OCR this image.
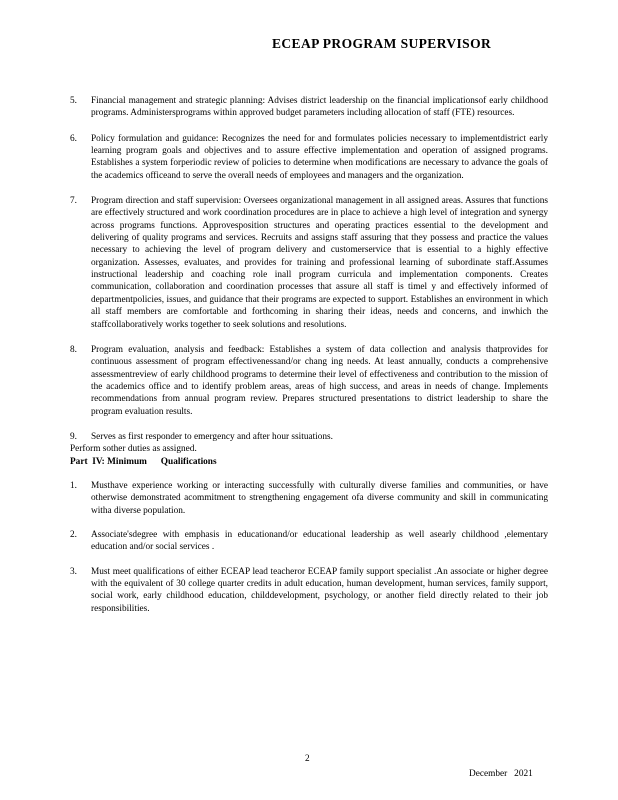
ECEAP PROGRAM SUPERVISOR
5.	Financial management and strategic planning: Advises district leadership on the financial implicationsof early childhood programs. Administersprograms within approved budget parameters including allocation of staff (FTE) resources.
6.	Policy formulation and guidance: Recognizes the need for and formulates policies necessary to implementdistrict early learning program goals and objectives and to assure effective implementation and operation of assigned programs. Establishes a system forperiodic review of policies to determine when modifications are necessary to advance the goals of the academics officeand to serve the overall needs of employees and managers and the organization.
7.	Program direction and staff supervision: Oversees organizational management in all assigned areas. Assures that functions are effectively structured and work coordination procedures are in place to achieve a high level of integration and synergy across programs functions. Approvesposition structures and operating practices essential to the development and delivering of quality programs and services. Recruits and assigns staff assuring that they possess and practice the values necessary to achieving the level of program delivery and customerservice that is essential to a highly effective organization. Assesses, evaluates, and provides for training and professional learning of subordinate staff.Assumes instructional leadership and coaching role inall program curricula and implementation components. Creates communication, collaboration and coordination processes that assure all staff is timel y and effectively informed of departmentpolicies, issues, and guidance that their programs are expected to support. Establishes an environment in which all staff members are comfortable and forthcoming in sharing their ideas, needs and concerns, and inwhich the staffcollaboratively works together to seek solutions and resolutions.
8.	Program evaluation, analysis and feedback: Establishes a system of data collection and analysis thatprovides for continuous assessment of program effectivenessand/or chang ing needs. At least annually, conducts a comprehensive assessmentreview of early childhood programs to determine their level of effectiveness and contribution to the mission of the academics office and to identify problem areas, areas of high success, and areas in needs of change. Implements recommendations from annual program review. Prepares structured presentations to district leadership to share the program evaluation results.
9.	Serves as first responder to emergency and after hour ssituations.

Perform sother duties as assigned.

Part  IV: Minimum      Qualifications

1.	Musthave experience working or interacting successfully with culturally diverse families and communities, or have otherwise demonstrated acommitment to strengthening engagement ofa diverse community and skill in communicating witha diverse population.
2.	Associate'sdegree with emphasis in educationand/or educational leadership as well asearly childhood ,elementary education and/or social services .
3.	Must meet qualifications of either ECEAP lead teacheror ECEAP family support specialist .An associate or higher degree with the equivalent of 30 college quarter credits in adult education, human development, human services, family support, social work, early childhood education, childdevelopment, psychology, or another field directly related to their job responsibilities.
2
December   2021
